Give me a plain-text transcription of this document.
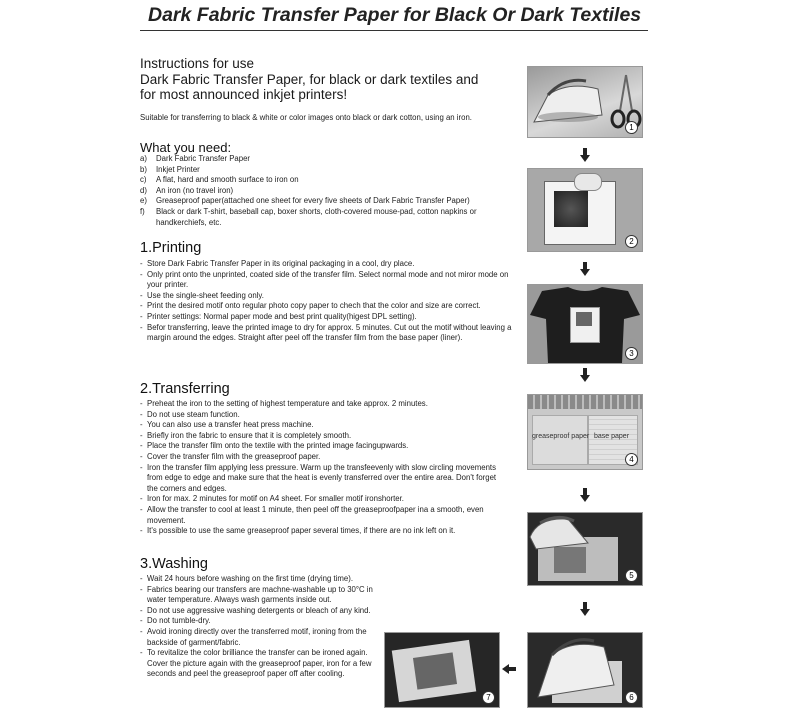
Dark Fabric Transfer Paper for Black Or Dark Textiles
Instructions for use
Dark Fabric Transfer Paper, for black or dark textiles and
for most announced inkjet printers!
Suitable for transferring to black & white or color images onto black or dark cotton, using an iron.
What you need:
a)	Dark Fabric Transfer Paper
b)	Inkjet Printer
c)	A flat, hard and smooth surface to iron on
d)	An iron (no travel iron)
e)	Greaseproof paper(attached one sheet for every five sheets of Dark Fabric Transfer Paper)
f)	Black or dark T-shirt, baseball cap, boxer shorts, cloth-covered mouse-pad, cotton napkins or handkerchiefs, etc.
1.Printing
- Store Dark Fabric Transfer Paper in its original packaging in a cool, dry place.
- Only print onto the unprinted, coated side of the transfer film. Select normal mode and not miror mode on your printer.
- Use the single-sheet feeding only.
- Print the desired motif onto regular photo copy paper to chech that the color and size are correct.
- Printer settings: Normal paper mode and best print quality(higest DPL setting).
- Befor transferring, leave the printed image to dry for approx. 5 minutes. Cut out the motif without leaving a margin around the edges. Straight after peel off the transfer film from the base paper (liner).
2.Transferring
- Preheat the iron to the setting of highest temperature and take approx. 2 minutes.
- Do not use steam function.
- You can also use a transfer heat press machine.
- Briefly iron the fabric to ensure that it is completely smooth.
- Place the transfer film onto the textile with the printed image facingupwards.
- Cover the transfer film with the greaseproof paper.
- Iron the transfer film applying less pressure. Warm up the transfeevenly with slow circling movements from edge to edge and make sure that the heat is evenly transferred over the entire area. Don't forget the corners and edges.
- Iron for max. 2 minutes for motif on A4 sheet. For smaller motif ironshorter.
- Allow the transfer to cool at least 1 minute, then peel off the greaseproofpaper ina a smooth, even movement.
- It's possible to use the same greaseproof paper several times, if there are no ink left on it.
3.Washing
- Wait 24 hours before washing on the first time (drying time).
- Fabrics bearing our transfers are machne-washable up to 30°C in water temperature. Always wash garments inside out.
- Do not use aggressive washing detergents or bleach of any kind.
- Do not tumble-dry.
- Avoid ironing directly over the transferred motif, ironing from the backside of garment/fabric.
- To revitalize the color brilliance the transfer can be ironed again. Cover the picture again with the greaseproof paper, iron for a few seconds and peel the greaseproof paper off after cooling.
1
2
3
greaseproof paper base paper
4
5
6
7
